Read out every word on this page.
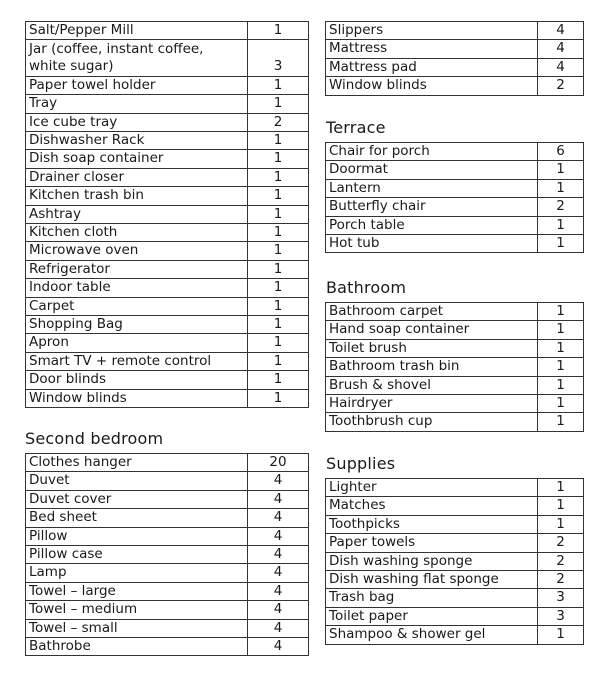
Salt/Pepper Mill	1
Jar (coffee, instant coffee, white sugar)	3
Paper towel holder	1
Tray	1
Ice cube tray	2
Dishwasher Rack	1
Dish soap container	1
Drainer closer	1
Kitchen trash bin	1
Ashtray	1
Kitchen cloth	1
Microwave oven	1
Refrigerator	1
Indoor table	1
Carpet	1
Shopping Bag	1
Apron	1
Smart TV + remote control	1
Door blinds	1
Window blinds	1
Second bedroom
Clothes hanger	20
Duvet	4
Duvet cover	4
Bed sheet	4
Pillow	4
Pillow case	4
Lamp	4
Towel – large	4
Towel – medium	4
Towel – small	4
Bathrobe	4
Slippers	4
Mattress	4
Mattress pad	4
Window blinds	2
Terrace
Chair for porch	6
Doormat	1
Lantern	1
Butterfly chair	2
Porch table	1
Hot tub	1
Bathroom
Bathroom carpet	1
Hand soap container	1
Toilet brush	1
Bathroom trash bin	1
Brush & shovel	1
Hairdryer	1
Toothbrush cup	1
Supplies
Lighter	1
Matches	1
Toothpicks	1
Paper towels	2
Dish washing sponge	2
Dish washing flat sponge	2
Trash bag	3
Toilet paper	3
Shampoo & shower gel	1
